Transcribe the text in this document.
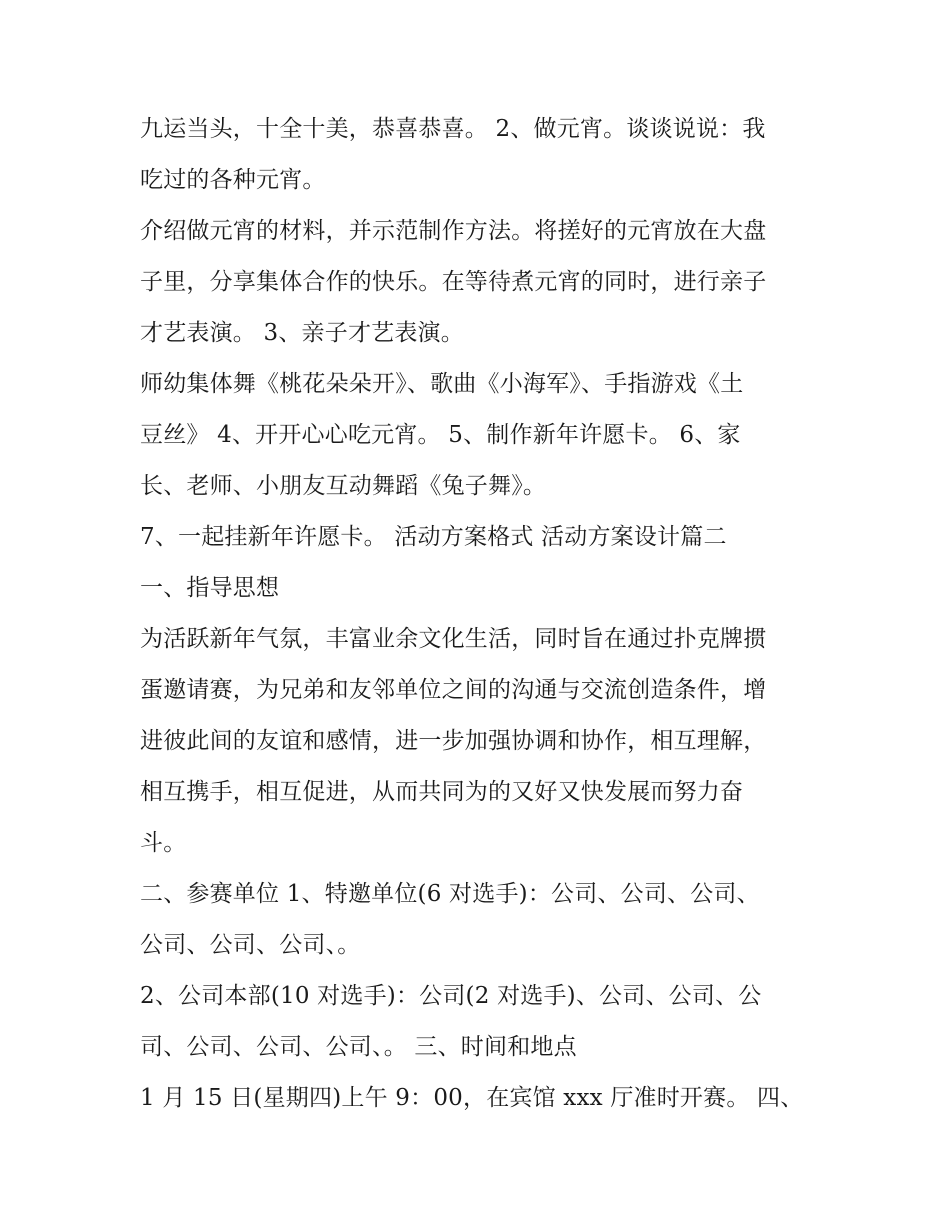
九运当头，十全十美，恭喜恭喜。 2、做元宵。谈谈说说：我
吃过的各种元宵。
介绍做元宵的材料，并示范制作方法。将搓好的元宵放在大盘
子里，分享集体合作的快乐。在等待煮元宵的同时，进行亲子
才艺表演。 3、亲子才艺表演。
师幼集体舞《桃花朵朵开》、歌曲《小海军》、手指游戏《土
豆丝》 4、开开心心吃元宵。 5、制作新年许愿卡。 6、家
长、老师、小朋友互动舞蹈《兔子舞》。
7、一起挂新年许愿卡。 活动方案格式 活动方案设计篇二
一、指导思想
为活跃新年气氛，丰富业余文化生活，同时旨在通过扑克牌掼
蛋邀请赛，为兄弟和友邻单位之间的沟通与交流创造条件，增
进彼此间的友谊和感情，进一步加强协调和协作，相互理解，
相互携手，相互促进，从而共同为的又好又快发展而努力奋
斗。
二、参赛单位 1、特邀单位(6 对选手)：公司、公司、公司、
公司、公司、公司、。
2、公司本部(10 对选手)：公司(2 对选手)、公司、公司、公
司、公司、公司、公司、。 三、时间和地点
1 月 15 日(星期四)上午 9：00，在宾馆 xxx 厅准时开赛。 四、
